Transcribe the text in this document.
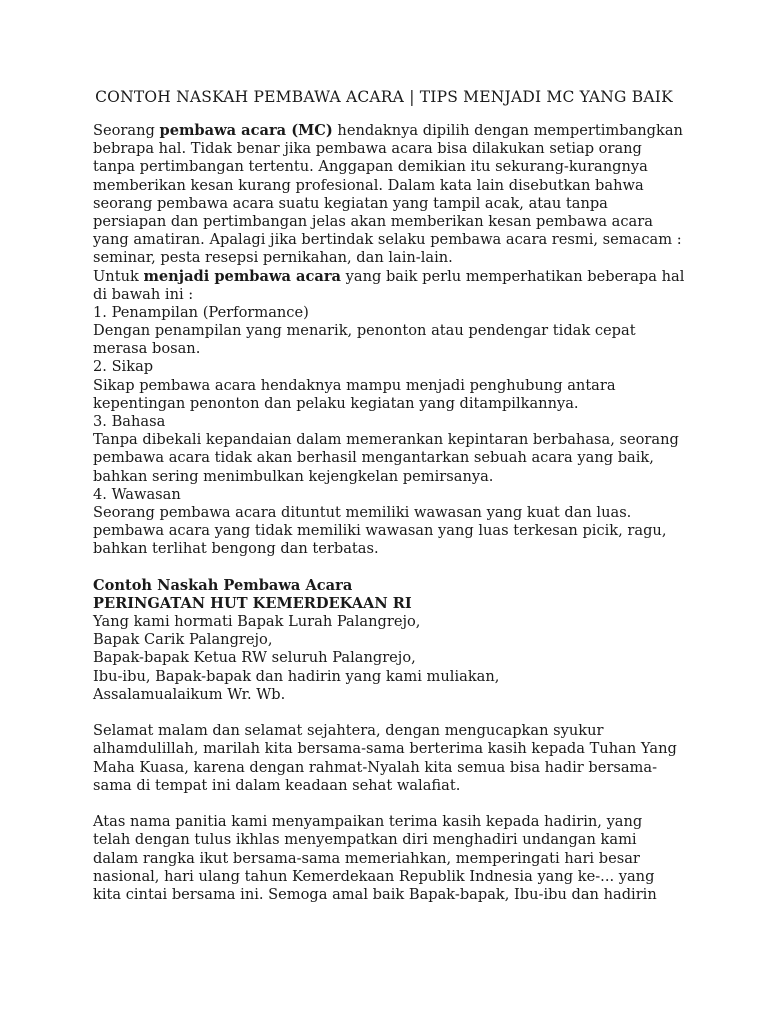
CONTOH NASKAH PEMBAWA ACARA | TIPS MENJADI MC YANG BAIK
Seorang pembawa acara (MC) hendaknya dipilih dengan mempertimbangkan
bebrapa hal. Tidak benar jika pembawa acara bisa dilakukan setiap orang
tanpa pertimbangan tertentu. Anggapan demikian itu sekurang-kurangnya
memberikan kesan kurang profesional. Dalam kata lain disebutkan bahwa
seorang pembawa acara suatu kegiatan yang tampil acak, atau tanpa
persiapan dan pertimbangan jelas akan memberikan kesan pembawa acara
yang amatiran. Apalagi jika bertindak selaku pembawa acara resmi, semacam :
seminar, pesta resepsi pernikahan, dan lain-lain.
Untuk menjadi pembawa acara yang baik perlu memperhatikan beberapa hal
di bawah ini :
1. Penampilan (Performance)
Dengan penampilan yang menarik, penonton atau pendengar tidak cepat
merasa bosan.
2. Sikap
Sikap pembawa acara hendaknya mampu menjadi penghubung antara
kepentingan penonton dan pelaku kegiatan yang ditampilkannya.
3. Bahasa
Tanpa dibekali kepandaian dalam memerankan kepintaran berbahasa, seorang
pembawa acara tidak akan berhasil mengantarkan sebuah acara yang baik,
bahkan sering menimbulkan kejengkelan pemirsanya.
4. Wawasan
Seorang pembawa acara dituntut memiliki wawasan yang kuat dan luas.
pembawa acara yang tidak memiliki wawasan yang luas terkesan picik, ragu,
bahkan terlihat bengong dan terbatas.
Contoh Naskah Pembawa Acara
PERINGATAN HUT KEMERDEKAAN RI
Yang kami hormati Bapak Lurah Palangrejo,
Bapak Carik Palangrejo,
Bapak-bapak Ketua RW seluruh Palangrejo,
Ibu-ibu, Bapak-bapak dan hadirin yang kami muliakan,
Assalamualaikum Wr. Wb.
Selamat malam dan selamat sejahtera, dengan mengucapkan syukur
alhamdulillah, marilah kita bersama-sama berterima kasih kepada Tuhan Yang
Maha Kuasa, karena dengan rahmat-Nyalah kita semua bisa hadir bersama-
sama di tempat ini dalam keadaan sehat walafiat.
Atas nama panitia kami menyampaikan terima kasih kepada hadirin, yang
telah dengan tulus ikhlas menyempatkan diri menghadiri undangan kami
dalam rangka ikut bersama-sama memeriahkan, memperingati hari besar
nasional, hari ulang tahun Kemerdekaan Republik Indnesia yang ke-... yang
kita cintai bersama ini. Semoga amal baik Bapak-bapak, Ibu-ibu dan hadirin
